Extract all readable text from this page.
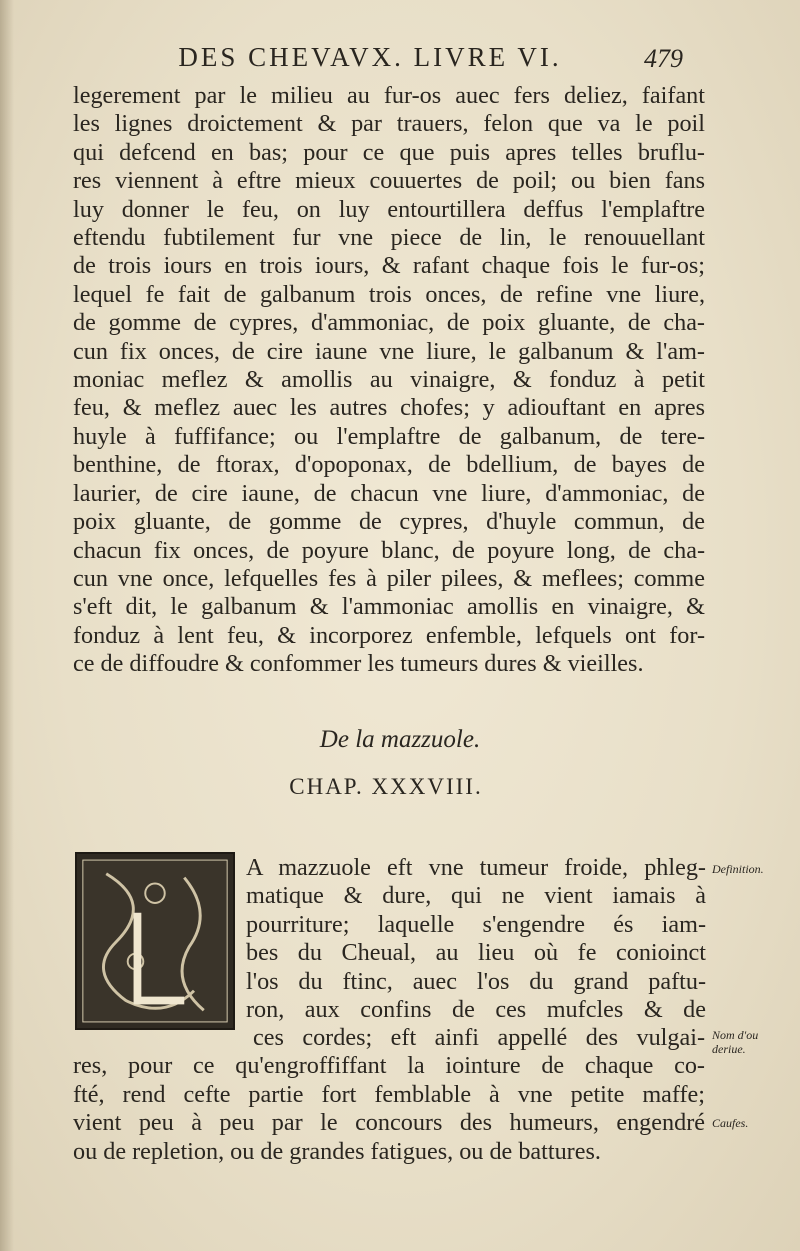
DES CHEVAVX. LIVRE VI.	479
legerement par le milieu au fur-os auec fers deliez, faifant
les lignes droictement & par trauers, felon que va le poil
qui defcend en bas; pour ce que puis apres telles bruflu-
res viennent à eftre mieux couuertes de poil; ou bien fans
luy donner le feu, on luy entourtillera deffus l'emplaftre
eftendu fubtilement fur vne piece de lin, le renouuellant
de trois iours en trois iours, & rafant chaque fois le fur-os;
lequel fe fait de galbanum trois onces, de refine vne liure,
de gomme de cypres, d'ammoniac, de poix gluante, de cha-
cun fix onces, de cire iaune vne liure, le galbanum & l'am-
moniac meflez & amollis au vinaigre, & fonduz à petit
feu, & meflez auec les autres chofes; y adiouftant en apres
huyle à fuffifance; ou l'emplaftre de galbanum, de tere-
benthine, de ftorax, d'opoponax, de bdellium, de bayes de
laurier, de cire iaune, de chacun vne liure, d'ammoniac, de
poix gluante, de gomme de cypres, d'huyle commun, de
chacun fix onces, de poyure blanc, de poyure long, de cha-
cun vne once, lefquelles fes à piler pilees, & meflees; comme
s'eft dit, le galbanum & l'ammoniac amollis en vinaigre, &
fonduz à lent feu, & incorporez enfemble, lefquels ont for-
ce de diffoudre & confommer les tumeurs dures & vieilles.
De la mazzuole.
CHAP. XXXVIII.
A mazzuole eft vne tumeur froide, phleg-
matique & dure, qui ne vient iamais à
pourriture; laquelle s'engendre és iam-
bes du Cheual, au lieu où fe conioinct
l'os du ftinc, auec l'os du grand paftu-
ron, aux confins de ces mufcles & de
ces cordes; eft ainfi appellé des vulgai-
res, pour ce qu'engroffiffant la iointure de chaque co-
fté, rend cefte partie fort femblable à vne petite maffe;
vient peu à peu par le concours des humeurs, engendré
ou de repletion, ou de grandes fatigues, ou de battures.
Definition.
Nom d'ou deriue.
Caufes.
